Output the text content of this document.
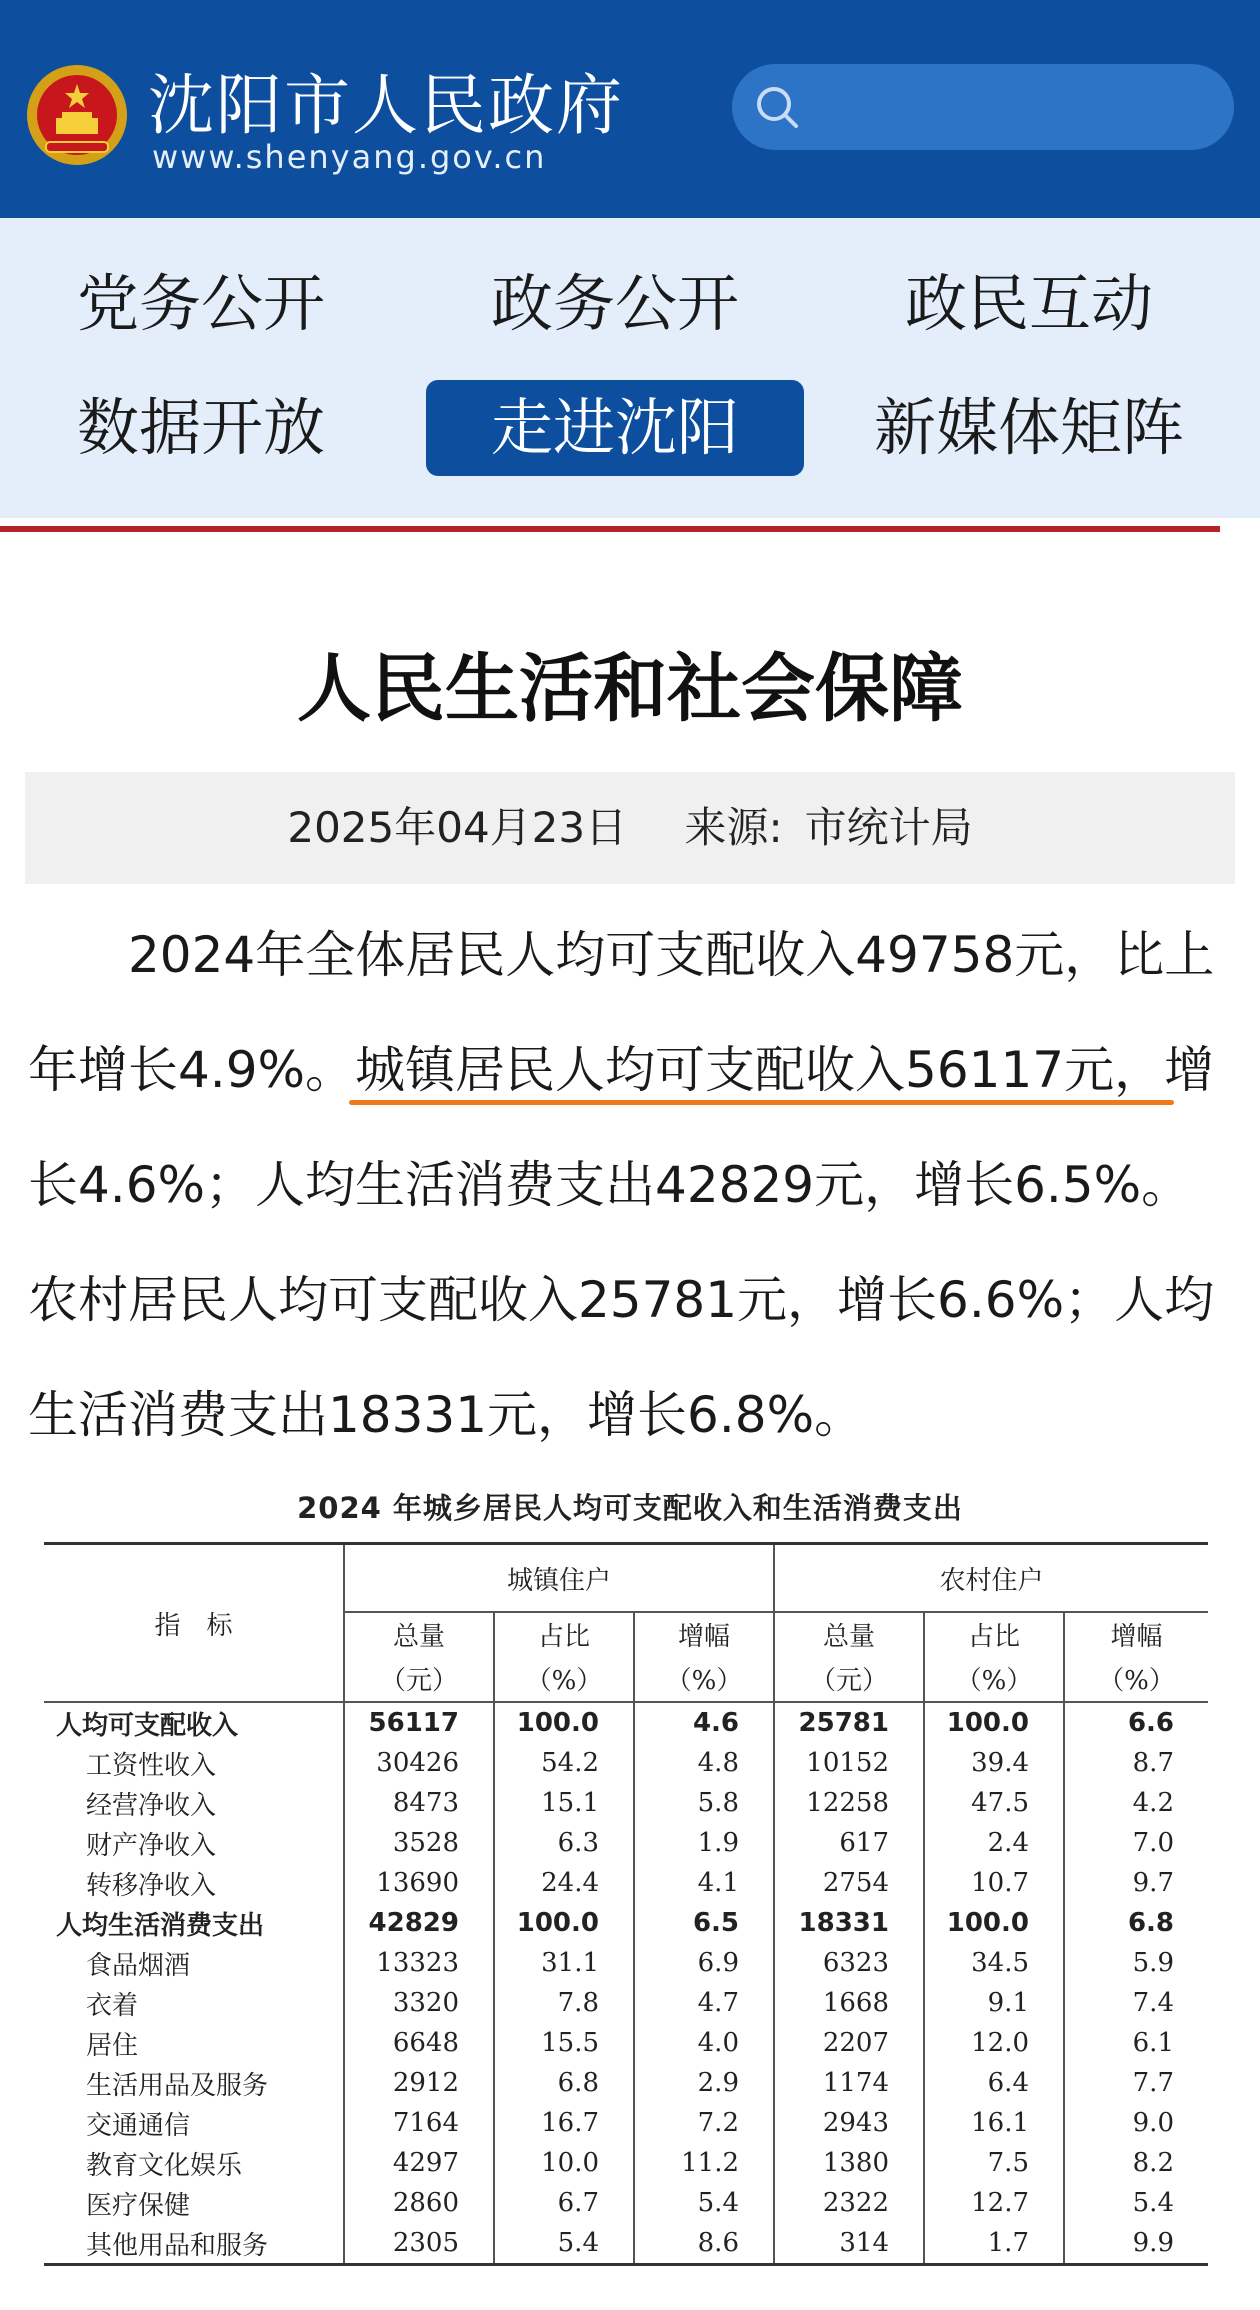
沈阳市人民政府
www.shenyang.gov.cn
党务公开	政务公开	政民互动
数据开放	走进沈阳	新媒体矩阵
人民生活和社会保障
2025年04月23日 来源: 市统计局
2024年全体居民人均可支配收入49758元，比上年增长4.9%。城镇居民人均可支配收入56117元，增长4.6%；人均生活消费支出42829元，增长6.5%。农村居民人均可支配收入25781元，增长6.6%；人均生活消费支出18331元，增长6.8%。
2024 年城乡居民人均可支配收入和生活消费支出
指　标	城镇住户			农村住户		
	总量	占比	增幅	总量	占比	增幅
	（元）	（%）	（%）	（元）	（%）	（%）
人均可支配收入	56117	100.0	4.6	25781	100.0	6.6
工资性收入	30426	54.2	4.8	10152	39.4	8.7
经营净收入	8473	15.1	5.8	12258	47.5	4.2
财产净收入	3528	6.3	1.9	617	2.4	7.0
转移净收入	13690	24.4	4.1	2754	10.7	9.7
人均生活消费支出	42829	100.0	6.5	18331	100.0	6.8
食品烟酒	13323	31.1	6.9	6323	34.5	5.9
衣着	3320	7.8	4.7	1668	9.1	7.4
居住	6648	15.5	4.0	2207	12.0	6.1
生活用品及服务	2912	6.8	2.9	1174	6.4	7.7
交通通信	7164	16.7	7.2	2943	16.1	9.0
教育文化娱乐	4297	10.0	11.2	1380	7.5	8.2
医疗保健	2860	6.7	5.4	2322	12.7	5.4
其他用品和服务	2305	5.4	8.6	314	1.7	9.9
